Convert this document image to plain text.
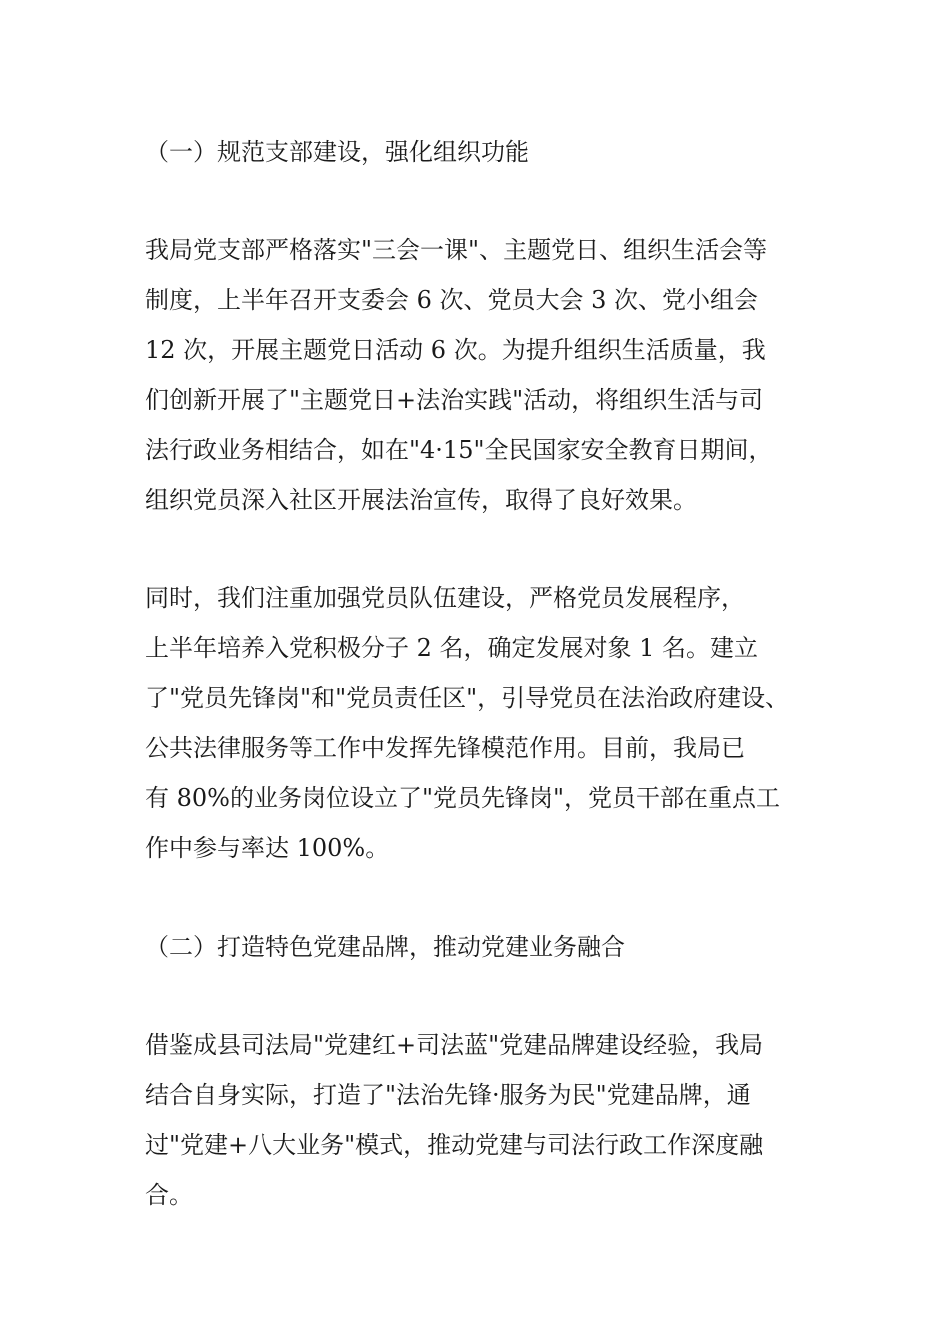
（一）规范支部建设，强化组织功能
我局党支部严格落实"三会一课"、主题党日、组织生活会等
制度，上半年召开支委会 6 次、党员大会 3 次、党小组会
12 次，开展主题党日活动 6 次。为提升组织生活质量，我
们创新开展了"主题党日+法治实践"活动，将组织生活与司
法行政业务相结合，如在"4·15"全民国家安全教育日期间，
组织党员深入社区开展法治宣传，取得了良好效果。
同时，我们注重加强党员队伍建设，严格党员发展程序，
上半年培养入党积极分子 2 名，确定发展对象 1 名。建立
了"党员先锋岗"和"党员责任区"，引导党员在法治政府建设、
公共法律服务等工作中发挥先锋模范作用。目前，我局已
有 80%的业务岗位设立了"党员先锋岗"，党员干部在重点工
作中参与率达 100%。
（二）打造特色党建品牌，推动党建业务融合
借鉴成县司法局"党建红+司法蓝"党建品牌建设经验，我局
结合自身实际，打造了"法治先锋·服务为民"党建品牌，通
过"党建+八大业务"模式，推动党建与司法行政工作深度融
合。
